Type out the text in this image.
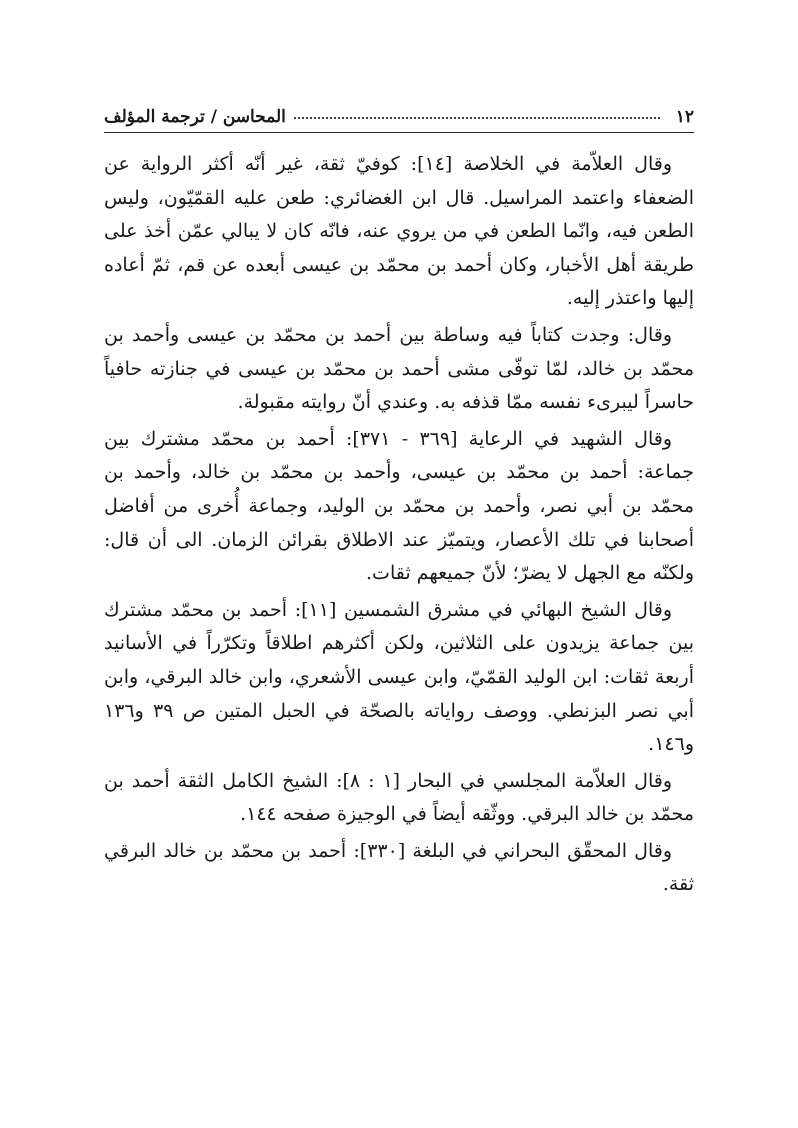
١٢
المحاسن / ترجمة المؤلف

وقال العلاّمة في الخلاصة [١٤]: كوفيّ ثقة، غير أنّه أكثر الرواية عن الضعفاء واعتمد المراسيل. قال ابن الغضائري: طعن عليه القمّيّون، وليس الطعن فيه، وانّما الطعن في من يروي عنه، فانّه كان لا يبالي عمّن أخذ على طريقة أهل الأخبار، وكان أحمد بن محمّد بن عيسى أبعده عن قم، ثمّ أعاده إليها واعتذر إليه.

وقال: وجدت كتاباً فيه وساطة بين أحمد بن محمّد بن عيسى وأحمد بن محمّد بن خالد، لمّا توفّى مشى أحمد بن محمّد بن عيسى في جنازته حافياً حاسراً ليبرىء نفسه ممّا قذفه به. وعندي أنّ روايته مقبولة.

وقال الشهيد في الرعاية [٣٦٩ - ٣٧١]: أحمد بن محمّد مشترك بين جماعة: أحمد بن محمّد بن عيسى، وأحمد بن محمّد بن خالد، وأحمد بن محمّد بن أبي نصر، وأحمد بن محمّد بن الوليد، وجماعة أُخرى من أفاضل أصحابنا في تلك الأعصار، ويتميّز عند الاطلاق بقرائن الزمان. الى أن قال: ولكنّه مع الجهل لا يضرّ؛ لأنّ جميعهم ثقات.

وقال الشيخ البهائي في مشرق الشمسين [١١]: أحمد بن محمّد مشترك بين جماعة يزيدون على الثلاثين، ولكن أكثرهم اطلاقاً وتكرّراً في الأسانيد أربعة ثقات: ابن الوليد القمّيّ، وابن عيسى الأشعري، وابن خالد البرقي، وابن أبي نصر البزنطي. ووصف رواياته بالصحّة في الحبل المتين ص ٣٩ و١٣٦ و١٤٦.

وقال العلاّمة المجلسي في البحار [١ : ٨]: الشيخ الكامل الثقة أحمد بن محمّد بن خالد البرقي. ووثّقه أيضاً في الوجيزة صفحه ١٤٤.

وقال المحقّق البحراني في البلغة [٣٣٠]: أحمد بن محمّد بن خالد البرقي ثقة.
